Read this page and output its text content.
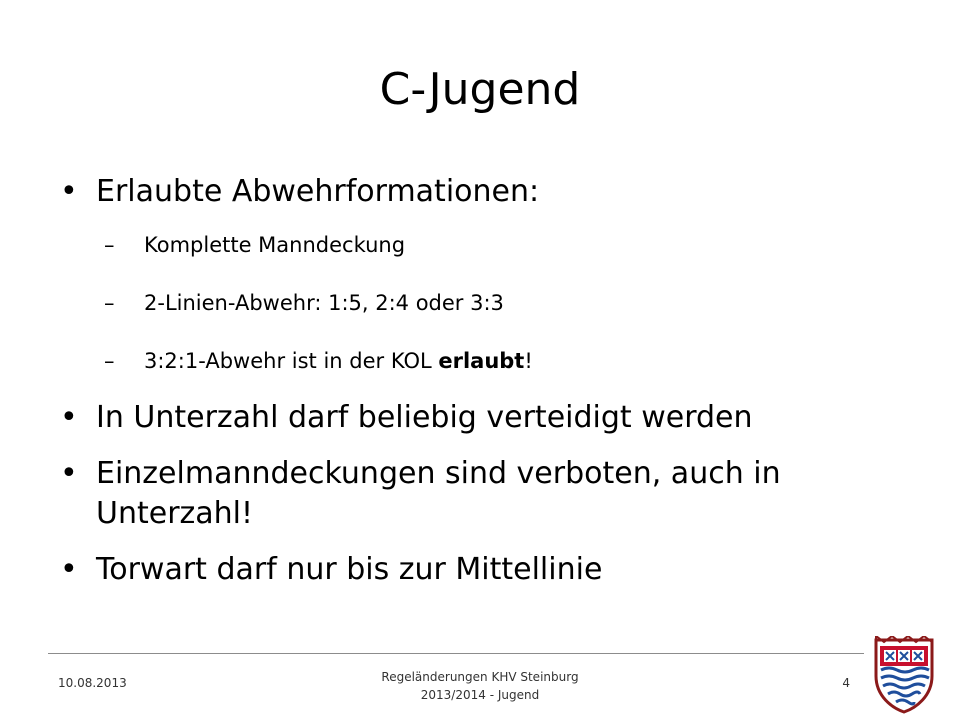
C-Jugend
• Erlaubte Abwehrformationen:
– Komplette Manndeckung
– 2-Linien-Abwehr: 1:5, 2:4 oder 3:3
– 3:2:1-Abwehr ist in der KOL erlaubt!
• In Unterzahl darf beliebig verteidigt werden
• Einzelmanndeckungen sind verboten, auch in Unterzahl!
• Torwart darf nur bis zur Mittellinie
10.08.2013	Regeländerungen KHV Steinburg
2013/2014 - Jugend
4
